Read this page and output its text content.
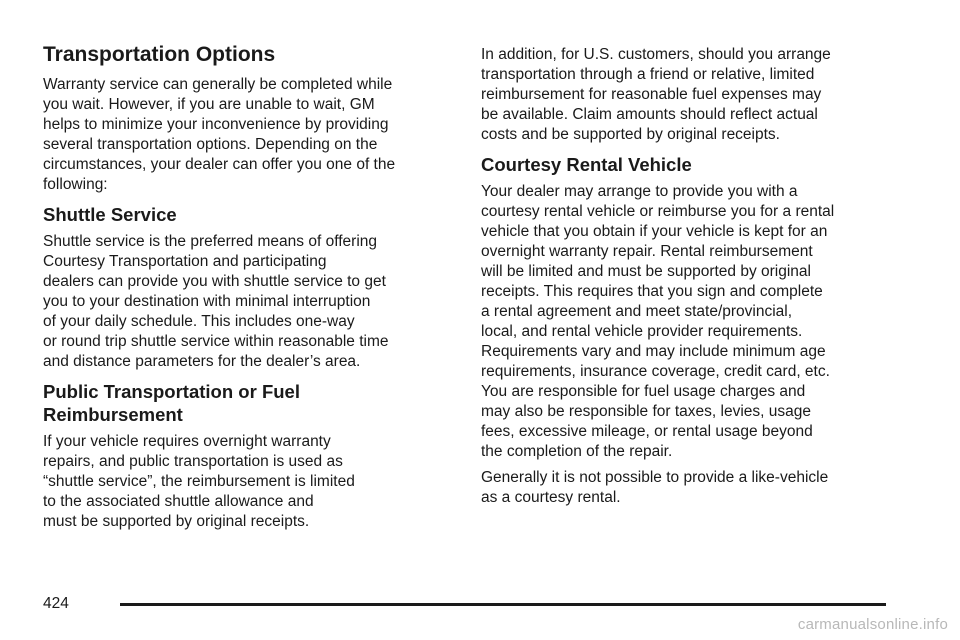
Transportation Options

Warranty service can generally be completed while
you wait. However, if you are unable to wait, GM
helps to minimize your inconvenience by providing
several transportation options. Depending on the
circumstances, your dealer can offer you one of the
following:

Shuttle Service

Shuttle service is the preferred means of offering
Courtesy Transportation and participating
dealers can provide you with shuttle service to get
you to your destination with minimal interruption
of your daily schedule. This includes one-way
or round trip shuttle service within reasonable time
and distance parameters for the dealer’s area.

Public Transportation or Fuel
Reimbursement

If your vehicle requires overnight warranty
repairs, and public transportation is used as
“shuttle service”, the reimbursement is limited
to the associated shuttle allowance and
must be supported by original receipts.

In addition, for U.S. customers, should you arrange
transportation through a friend or relative, limited
reimbursement for reasonable fuel expenses may
be available. Claim amounts should reflect actual
costs and be supported by original receipts.

Courtesy Rental Vehicle

Your dealer may arrange to provide you with a
courtesy rental vehicle or reimburse you for a rental
vehicle that you obtain if your vehicle is kept for an
overnight warranty repair. Rental reimbursement
will be limited and must be supported by original
receipts. This requires that you sign and complete
a rental agreement and meet state/provincial,
local, and rental vehicle provider requirements.
Requirements vary and may include minimum age
requirements, insurance coverage, credit card, etc.
You are responsible for fuel usage charges and
may also be responsible for taxes, levies, usage
fees, excessive mileage, or rental usage beyond
the completion of the repair.

Generally it is not possible to provide a like-vehicle
as a courtesy rental.

424
carmanualsonline.info
